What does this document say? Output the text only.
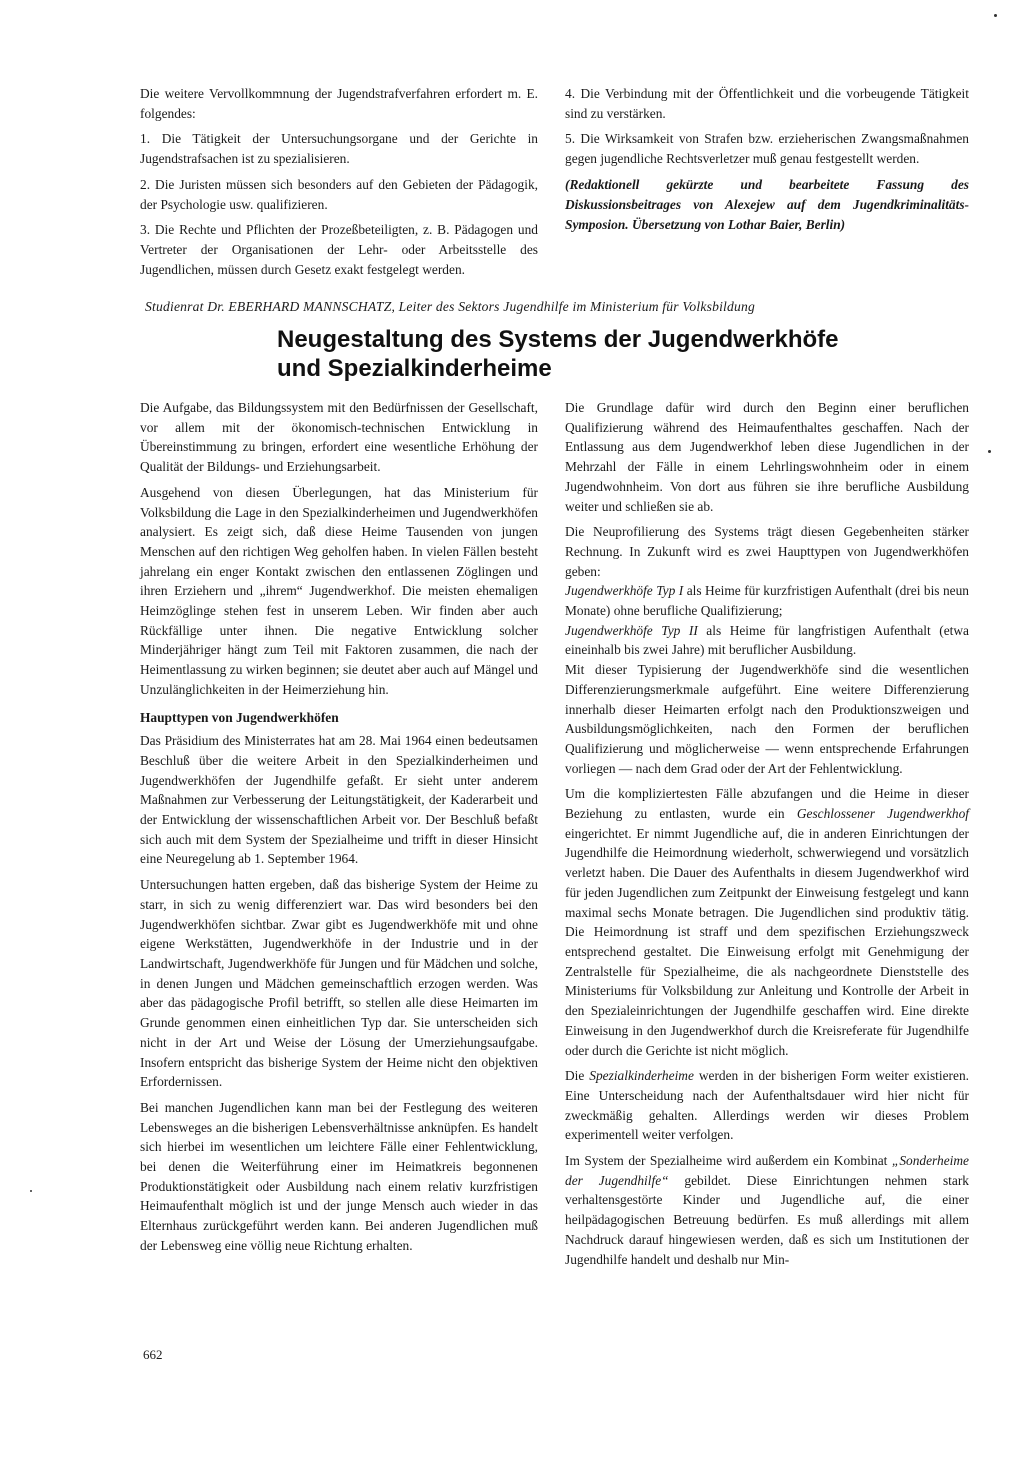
Die weitere Vervollkommnung der Jugendstrafverfahren erfordert m. E. folgendes:

1. Die Tätigkeit der Untersuchungsorgane und der Gerichte in Jugendstrafsachen ist zu spezialisieren.

2. Die Juristen müssen sich besonders auf den Gebieten der Pädagogik, der Psychologie usw. qualifizieren.

3. Die Rechte und Pflichten der Prozeßbeteiligten, z. B. Pädagogen und Vertreter der Organisationen der Lehr- oder Arbeitsstelle des Jugendlichen, müssen durch Gesetz exakt festgelegt werden.

4. Die Verbindung mit der Öffentlichkeit und die vorbeugende Tätigkeit sind zu verstärken.

5. Die Wirksamkeit von Strafen bzw. erzieherischen Zwangsmaßnahmen gegen jugendliche Rechtsverletzer muß genau festgestellt werden.

(Redaktionell gekürzte und bearbeitete Fassung des Diskussionsbeitrages von Alexejew auf dem Jugendkriminalitäts-Symposion. Übersetzung von Lothar Baier, Berlin)

Studienrat Dr. EBERHARD MANNSCHATZ, Leiter des Sektors Jugendhilfe im Ministerium für Volksbildung
Neugestaltung des Systems der Jugendwerkhöfe
und Spezialkinderheime

Die Aufgabe, das Bildungssystem mit den Bedürfnissen der Gesellschaft, vor allem mit der ökonomisch-technischen Entwicklung in Übereinstimmung zu bringen, erfordert eine wesentliche Erhöhung der Qualität der Bildungs- und Erziehungsarbeit.

Ausgehend von diesen Überlegungen, hat das Ministerium für Volksbildung die Lage in den Spezialkinderheimen und Jugendwerkhöfen analysiert. Es zeigt sich, daß diese Heime Tausenden von jungen Menschen auf den richtigen Weg geholfen haben. In vielen Fällen besteht jahrelang ein enger Kontakt zwischen den entlassenen Zöglingen und ihren Erziehern und „ihrem“ Jugendwerkhof. Die meisten ehemaligen Heimzöglinge stehen fest in unserem Leben. Wir finden aber auch Rückfällige unter ihnen. Die negative Entwicklung solcher Minderjähriger hängt zum Teil mit Faktoren zusammen, die nach der Heimentlassung zu wirken beginnen; sie deutet aber auch auf Mängel und Unzulänglichkeiten in der Heimerziehung hin.

Haupttypen von Jugendwerkhöfen

Das Präsidium des Ministerrates hat am 28. Mai 1964 einen bedeutsamen Beschluß über die weitere Arbeit in den Spezialkinderheimen und Jugendwerkhöfen der Jugendhilfe gefaßt. Er sieht unter anderem Maßnahmen zur Verbesserung der Leitungstätigkeit, der Kaderarbeit und der Entwicklung der wissenschaftlichen Arbeit vor. Der Beschluß befaßt sich auch mit dem System der Spezialheime und trifft in dieser Hinsicht eine Neuregelung ab 1. September 1964.

Untersuchungen hatten ergeben, daß das bisherige System der Heime zu starr, in sich zu wenig differenziert war. Das wird besonders bei den Jugendwerkhöfen sichtbar. Zwar gibt es Jugendwerkhöfe mit und ohne eigene Werkstätten, Jugendwerkhöfe in der Industrie und in der Landwirtschaft, Jugendwerkhöfe für Jungen und für Mädchen und solche, in denen Jungen und Mädchen gemeinschaftlich erzogen werden. Was aber das pädagogische Profil betrifft, so stellen alle diese Heimarten im Grunde genommen einen einheitlichen Typ dar. Sie unterscheiden sich nicht in der Art und Weise der Lösung der Umerziehungsaufgabe. Insofern entspricht das bisherige System der Heime nicht den objektiven Erfordernissen.

Bei manchen Jugendlichen kann man bei der Festlegung des weiteren Lebensweges an die bisherigen Lebensverhältnisse anknüpfen. Es handelt sich hierbei im wesentlichen um leichtere Fälle einer Fehlentwicklung, bei denen die Weiterführung einer im Heimatkreis begonnenen Produktionstätigkeit oder Ausbildung nach einem relativ kurzfristigen Heimaufenthalt möglich ist und der junge Mensch auch wieder in das Elternhaus zurückgeführt werden kann. Bei anderen Jugendlichen muß der Lebensweg eine völlig neue Richtung erhalten.

Die Grundlage dafür wird durch den Beginn einer beruflichen Qualifizierung während des Heimaufenthaltes geschaffen. Nach der Entlassung aus dem Jugendwerkhof leben diese Jugendlichen in der Mehrzahl der Fälle in einem Lehrlingswohnheim oder in einem Jugendwohnheim. Von dort aus führen sie ihre berufliche Ausbildung weiter und schließen sie ab.

Die Neuprofilierung des Systems trägt diesen Gegebenheiten stärker Rechnung. In Zukunft wird es zwei Haupttypen von Jugendwerkhöfen geben:

Jugendwerkhöfe Typ I als Heime für kurzfristigen Aufenthalt (drei bis neun Monate) ohne berufliche Qualifizierung;

Jugendwerkhöfe Typ II als Heime für langfristigen Aufenthalt (etwa eineinhalb bis zwei Jahre) mit beruflicher Ausbildung.

Mit dieser Typisierung der Jugendwerkhöfe sind die wesentlichen Differenzierungsmerkmale aufgeführt. Eine weitere Differenzierung innerhalb dieser Heimarten erfolgt nach den Produktionszweigen und Ausbildungsmöglichkeiten, nach den Formen der beruflichen Qualifizierung und möglicherweise — wenn entsprechende Erfahrungen vorliegen — nach dem Grad oder der Art der Fehlentwicklung.

Um die kompliziertesten Fälle abzufangen und die Heime in dieser Beziehung zu entlasten, wurde ein Geschlossener Jugendwerkhof eingerichtet. Er nimmt Jugendliche auf, die in anderen Einrichtungen der Jugendhilfe die Heimordnung wiederholt, schwerwiegend und vorsätzlich verletzt haben. Die Dauer des Aufenthalts in diesem Jugendwerkhof wird für jeden Jugendlichen zum Zeitpunkt der Einweisung festgelegt und kann maximal sechs Monate betragen. Die Jugendlichen sind produktiv tätig. Die Heimordnung ist straff und dem spezifischen Erziehungszweck entsprechend gestaltet. Die Einweisung erfolgt mit Genehmigung der Zentralstelle für Spezialheime, die als nachgeordnete Dienststelle des Ministeriums für Volksbildung zur Anleitung und Kontrolle der Arbeit in den Spezialeinrichtungen der Jugendhilfe geschaffen wird. Eine direkte Einweisung in den Jugendwerkhof durch die Kreisreferate für Jugendhilfe oder durch die Gerichte ist nicht möglich.

Die Spezialkinderheime werden in der bisherigen Form weiter existieren. Eine Unterscheidung nach der Aufenthaltsdauer wird hier nicht für zweckmäßig gehalten. Allerdings werden wir dieses Problem experimentell weiter verfolgen.

Im System der Spezialheime wird außerdem ein Kombinat „Sonderheime der Jugendhilfe“ gebildet. Diese Einrichtungen nehmen stark verhaltensgestörte Kinder und Jugendliche auf, die einer heilpädagogischen Betreuung bedürfen. Es muß allerdings mit allem Nachdruck darauf hingewiesen werden, daß es sich um Institutionen der Jugendhilfe handelt und deshalb nur Min-

662
